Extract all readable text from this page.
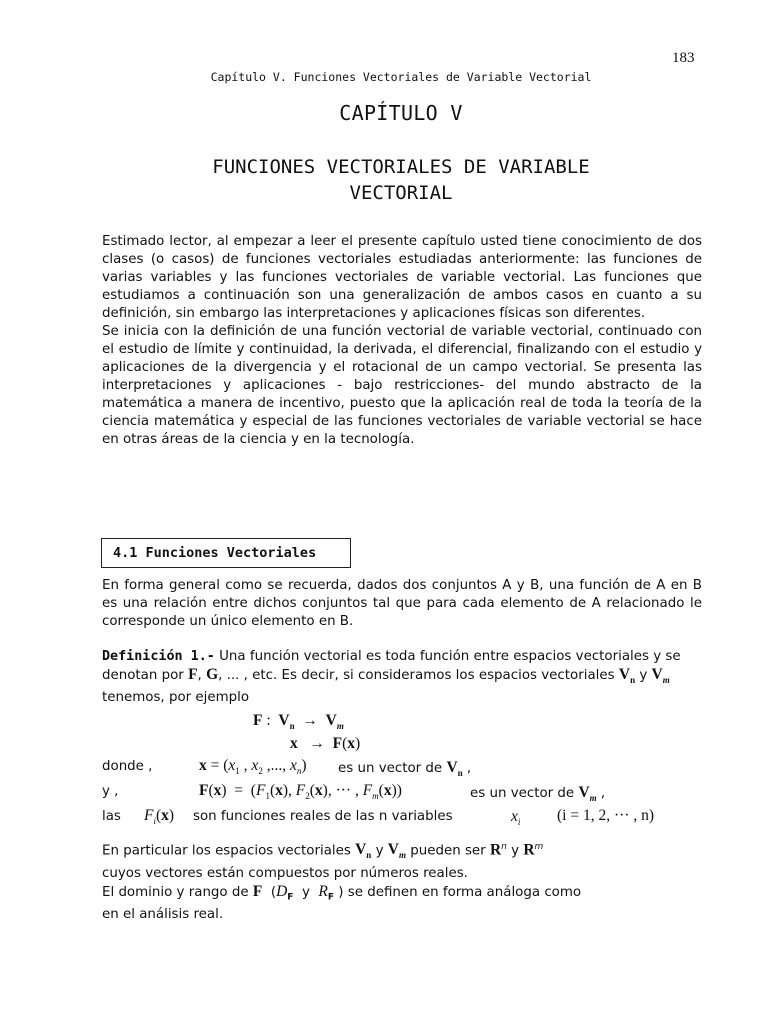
183
Capítulo V. Funciones Vectoriales de Variable Vectorial
CAPÍTULO V
FUNCIONES VECTORIALES DE VARIABLE
VECTORIAL

Estimado lector, al empezar a leer el presente capítulo usted tiene conocimiento de dos clases (o casos) de funciones vectoriales estudiadas anteriormente: las funciones de varias variables y las funciones vectoriales de variable vectorial. Las funciones que estudiamos a continuación son una generalización de ambos casos en cuanto a su definición, sin embargo las interpretaciones y aplicaciones físicas son diferentes.

Se inicia con la definición de una función vectorial de variable vectorial, continuado con el estudio de límite y continuidad, la derivada, el diferencial, finalizando con el estudio y aplicaciones de la divergencia y el rotacional de un campo vectorial. Se presenta las interpretaciones y aplicaciones - bajo restricciones- del mundo abstracto de la matemática a manera de incentivo, puesto que la aplicación real de toda la teoría de la ciencia matemática y especial de las funciones vectoriales de variable vectorial se hace en otras áreas de la ciencia y en la tecnología.

4.1 Funciones Vectoriales

En forma general como se recuerda, dados dos conjuntos A y B, una función de A en B es una relación entre dichos conjuntos tal que para cada elemento de A relacionado le corresponde un único elemento en B.

Definición 1.- Una función vectorial es toda función entre espacios vectoriales y se denotan por F, G, ... , etc. Es decir, si consideramos los espacios vectoriales $V_n$ y $V_m$ tenemos, por ejemplo
F :  $V_n \to V_m$
x   →  F(x)
donde ,	$x = (x_1$ , $x_2$ ,..., $x_n$) es un vector de $V_n$ ,
y ,	$F(x) = (F_1(x)$, $F_2(x)$, ··· , $F_m(x)$)	es un vector de $V_m$ ,
las $F_i(x)$ son funciones reales de las n variables	$x_i$ (i = 1, 2, ··· , n)

En particular los espacios vectoriales $V_n$ y $V_m$ pueden ser $R^n$ y $R^m$

cuyos vectores están compuestos por números reales.

El dominio y rango de F  ($D_F$  y  $R_F$ ) se definen en forma análoga como

en el análisis real.
